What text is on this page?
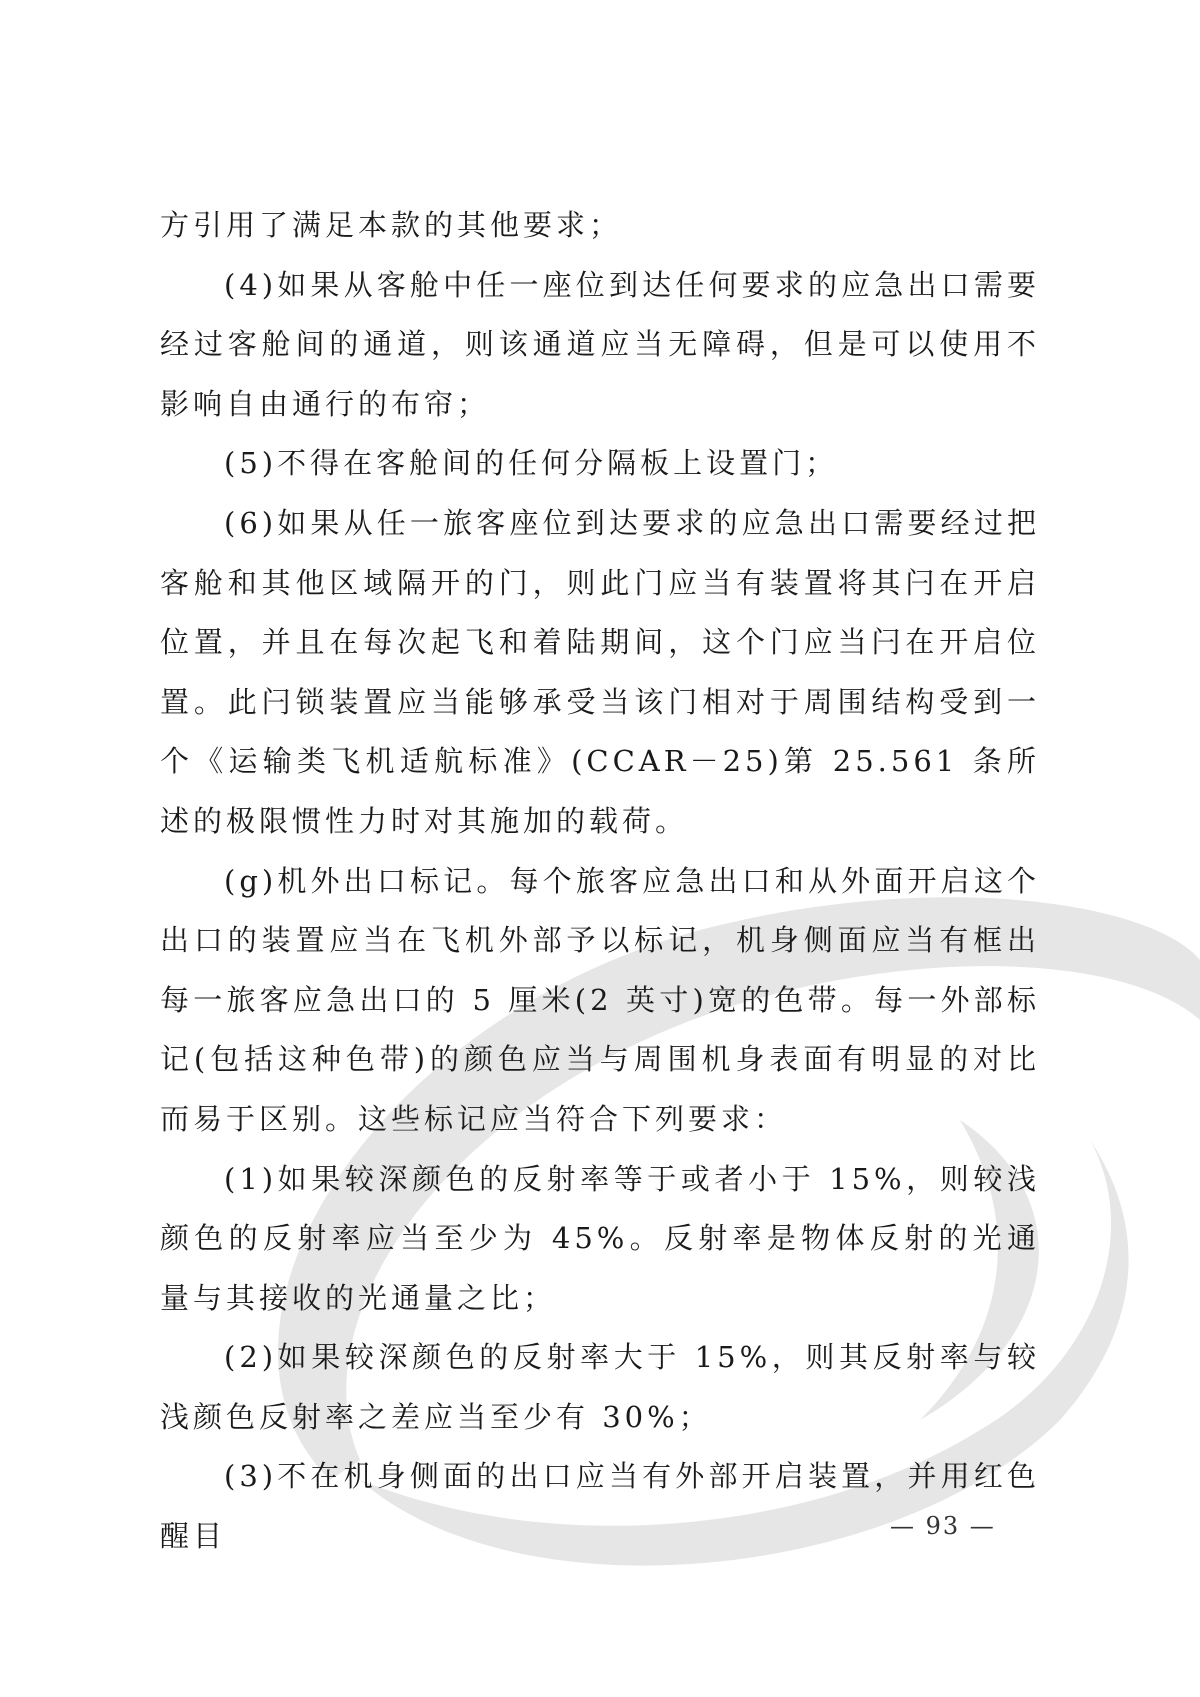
方引用了满足本款的其他要求；

(4)如果从客舱中任一座位到达任何要求的应急出口需要经过客舱间的通道，则该通道应当无障碍，但是可以使用不影响自由通行的布帘；

(5)不得在客舱间的任何分隔板上设置门；

(6)如果从任一旅客座位到达要求的应急出口需要经过把客舱和其他区域隔开的门，则此门应当有装置将其闩在开启位置，并且在每次起飞和着陆期间，这个门应当闩在开启位置。此闩锁装置应当能够承受当该门相对于周围结构受到一个《运输类飞机适航标准》(CCAR－25)第 25.561 条所述的极限惯性力时对其施加的载荷。

(g)机外出口标记。每个旅客应急出口和从外面开启这个出口的装置应当在飞机外部予以标记，机身侧面应当有框出每一旅客应急出口的 5 厘米(2 英寸)宽的色带。每一外部标记(包括这种色带)的颜色应当与周围机身表面有明显的对比而易于区别。这些标记应当符合下列要求：

(1)如果较深颜色的反射率等于或者小于 15%，则较浅颜色的反射率应当至少为 45%。反射率是物体反射的光通量与其接收的光通量之比；

(2)如果较深颜色的反射率大于 15%，则其反射率与较浅颜色反射率之差应当至少有 30%；

(3)不在机身侧面的出口应当有外部开启装置，并用红色醒目	— 93 —
